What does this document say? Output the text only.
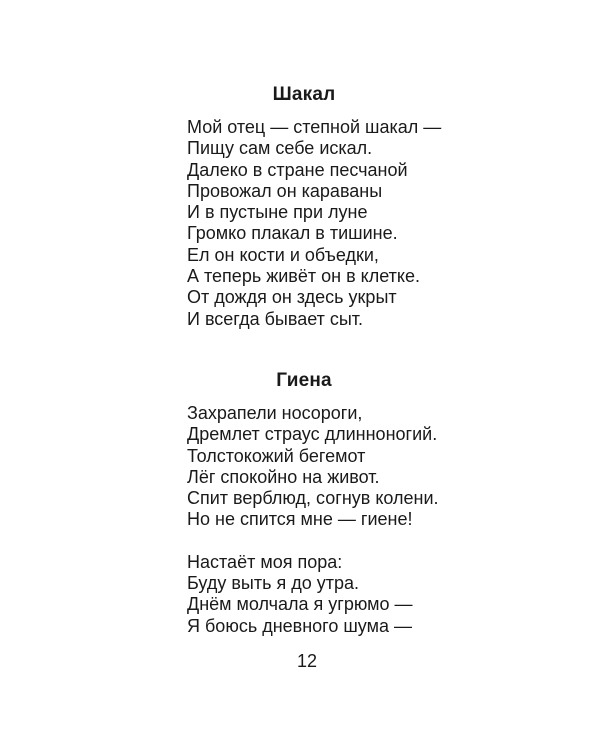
Шакал
Мой отец — степной шакал —
Пищу сам себе искал.
Далеко в стране песчаной
Провожал он караваны
И в пустыне при луне
Громко плакал в тишине.
Ел он кости и объедки,
А теперь живёт он в клетке.
От дождя он здесь укрыт
И всегда бывает сыт.
Гиена
Захрапели носороги,
Дремлет страус длинноногий.
Толстокожий бегемот
Лёг спокойно на живот.
Спит верблюд, согнув колени.
Но не спится мне — гиене!
Настаёт моя пора:
Буду выть я до утра.
Днём молчала я угрюмо —
Я боюсь дневного шума —
12
